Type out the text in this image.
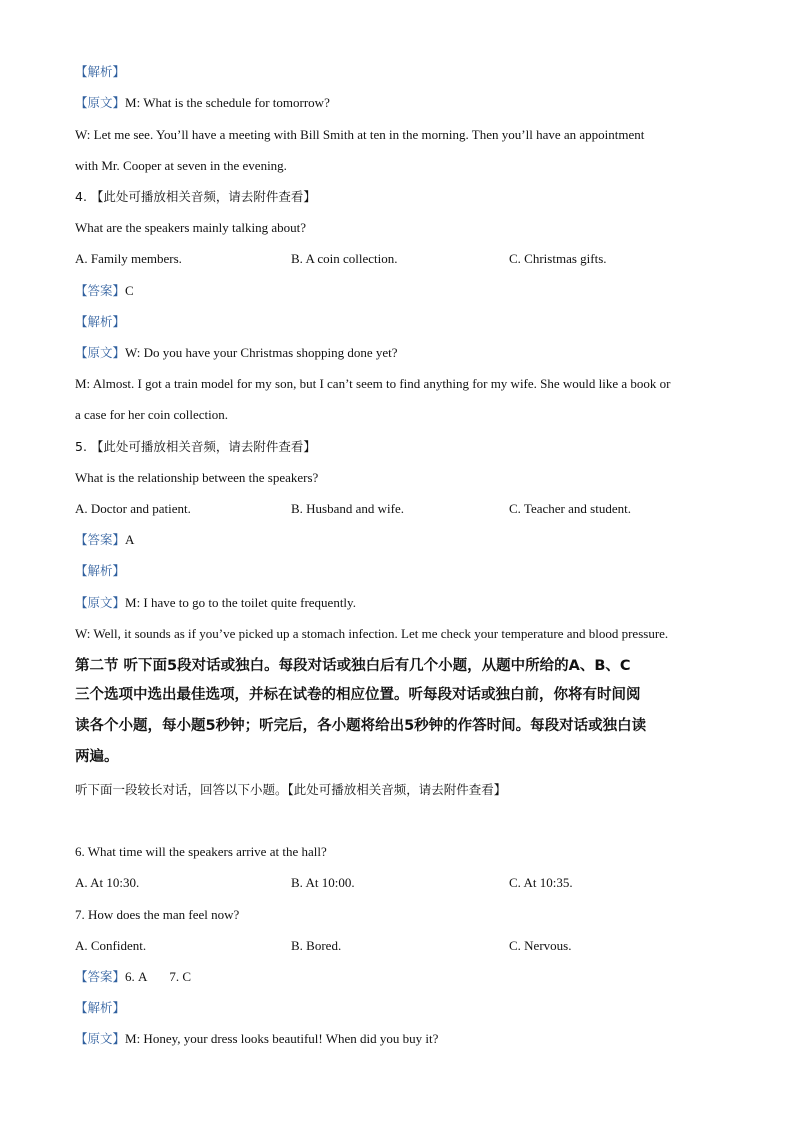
【解析】
【原文】M: What is the schedule for tomorrow?
W: Let me see. You’ll have a meeting with Bill Smith at ten in the morning. Then you’ll have an appointment
with Mr. Cooper at seven in the evening.
4. 【此处可播放相关音频，请去附件查看】
What are the speakers mainly talking about?
A. Family members.	B. A coin collection.	C. Christmas gifts.
【答案】C
【解析】
【原文】W: Do you have your Christmas shopping done yet?
M: Almost. I got a train model for my son, but I can’t seem to find anything for my wife. She would like a book or
a case for her coin collection.
5. 【此处可播放相关音频，请去附件查看】
What is the relationship between the speakers?
A. Doctor and patient.	B. Husband and wife.	C. Teacher and student.
【答案】A
【解析】
【原文】M: I have to go to the toilet quite frequently.
W: Well, it sounds as if you’ve picked up a stomach infection. Let me check your temperature and blood pressure.
第二节 听下面5段对话或独白。每段对话或独白后有几个小题，从题中所给的A、B、C
三个选项中选出最佳选项，并标在试卷的相应位置。听每段对话或独白前，你将有时间阅
读各个小题，每小题5秒钟；听完后，各小题将给出5秒钟的作答时间。每段对话或独白读
两遍。
听下面一段较长对话，回答以下小题。【此处可播放相关音频，请去附件查看】
6. What time will the speakers arrive at the hall?
A. At 10:30.	B. At 10:00.	C. At 10:35.
7. How does the man feel now?
A. Confident.	B. Bored.	C. Nervous.
【答案】6. A       7. C
【解析】
【原文】M: Honey, your dress looks beautiful! When did you buy it?
